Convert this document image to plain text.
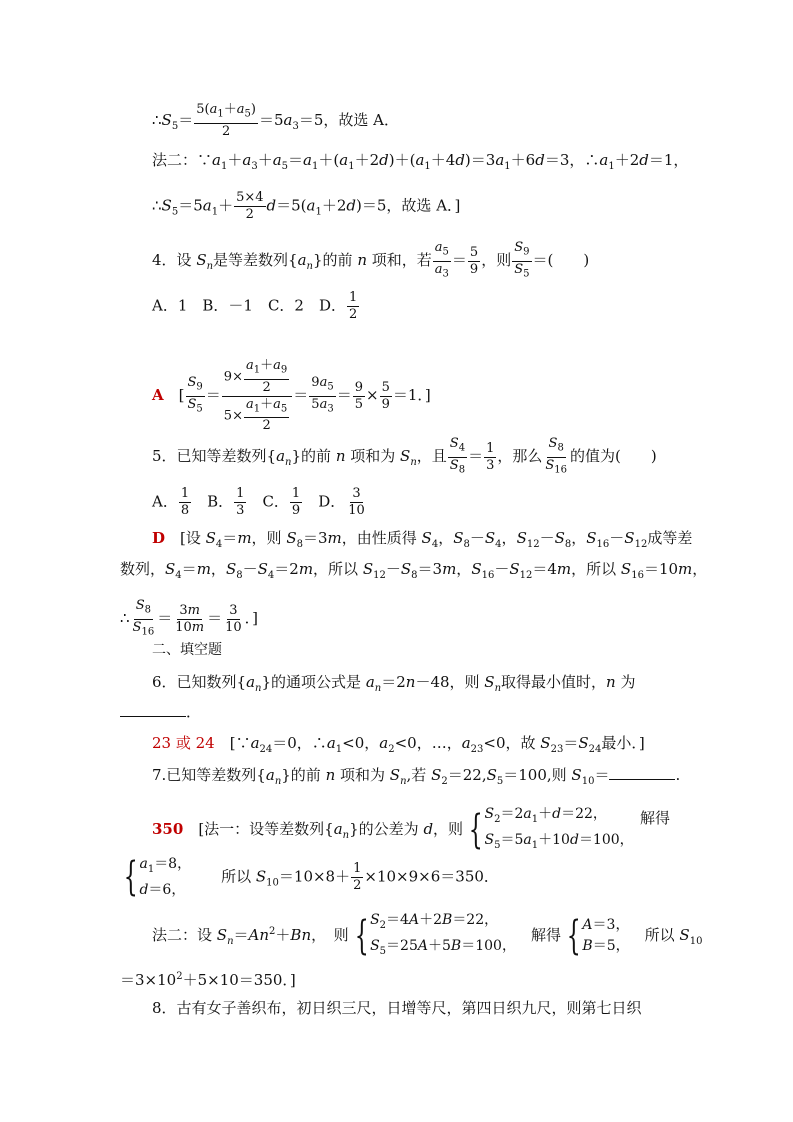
$\therefore S_5= \frac{5(a_1+a_5)}{2} =5a_3=5$，故选 A．
法二：$\because a_1+a_3+a_5=a_1+(a_1+2d)+(a_1+4d)=3a_1+6d=3$，$\therefore a_1+2d=1$，
$\therefore S_5=5a_1+ \frac{5\times 4}{2} d=5(a_1+2d)=5$，故选 A．]
4．设 $S_n$是等差数列$\{a_n\}$的前 n 项和，若 $\frac{a_5}{a_3} = \frac{5}{9}$ ，则 $\frac{S_9}{S_5}$ ＝(　　)
A．1　B．－1　C．2　D． $\frac{1}{2}$
A　[ $\frac{S_9}{S_5} = \frac{9\times \frac{a_1+a_9}{2}}{5\times \frac{a_1+a_5}{2}} = \frac{9a_5}{5a_3} = \frac{9}{5} \times \frac{5}{9} =1$．]
5．已知等差数列$\{a_n\}$的前 n 项和为 $S_n$，且 $\frac{S_4}{S_8} = \frac{1}{3}$ ，那么 $\frac{S_8}{S_{16}}$ 的值为(　　)
A． $\frac{1}{8}$ 　B． $\frac{1}{3}$ 　C． $\frac{1}{9}$ 　D． $\frac{3}{10}$
D　[设 $S_4=m$，则 $S_8=3m$，由性质得 $S_4$，$S_8-S_4$，$S_{12}-S_8$，$S_{16}-S_{12}$成等差
数列，$S_4=m$，$S_8-S_4=2m$，所以 $S_{12}-S_8=3m$，$S_{16}-S_{12}=4m$，所以 $S_{16}=10m$，
∴ $\frac{S_8}{S_{16}} = \frac{3m}{10m} = \frac{3}{10}$ ．]
二、填空题
6．已知数列$\{a_n\}$的通项公式是 $a_n=2n-48$，则 $S_n$取得最小值时，n 为
．
23 或 24　[$\because a_{24}=0$，$\therefore a_1<0$，$a_2<0$，…，$a_{23}<0$，故 $S_{23}=S_{24}$最小．]
7.已知等差数列$\{a_n\}$的前 n 项和为 $S_n$,若 $S_2=22,S_5=100$,则 $S_{10}=$	.
350　[法一：设等差数列$\{a_n\}$的公差为 d，则 { $S_2=2a_1+d=22$，
$S_5=5a_1+10d=100$，
解得
{ $a_1=8$，
d＝6，
　　所以 $S_{10}=10\times 8+ \frac{1}{2} \times 10\times 9\times 6=350$．
法二：设 $S_n=An^2+Bn$，　则 { $S_2=4A+2B=22$，
$S_5=25A+5B=100$，
　解得 { A＝3，
B＝5，
　所以 $S_{10}$
$=3\times 10^2+5\times 10=350$．]
8．古有女子善织布，初日织三尺，日增等尺，第四日织九尺，则第七日织
